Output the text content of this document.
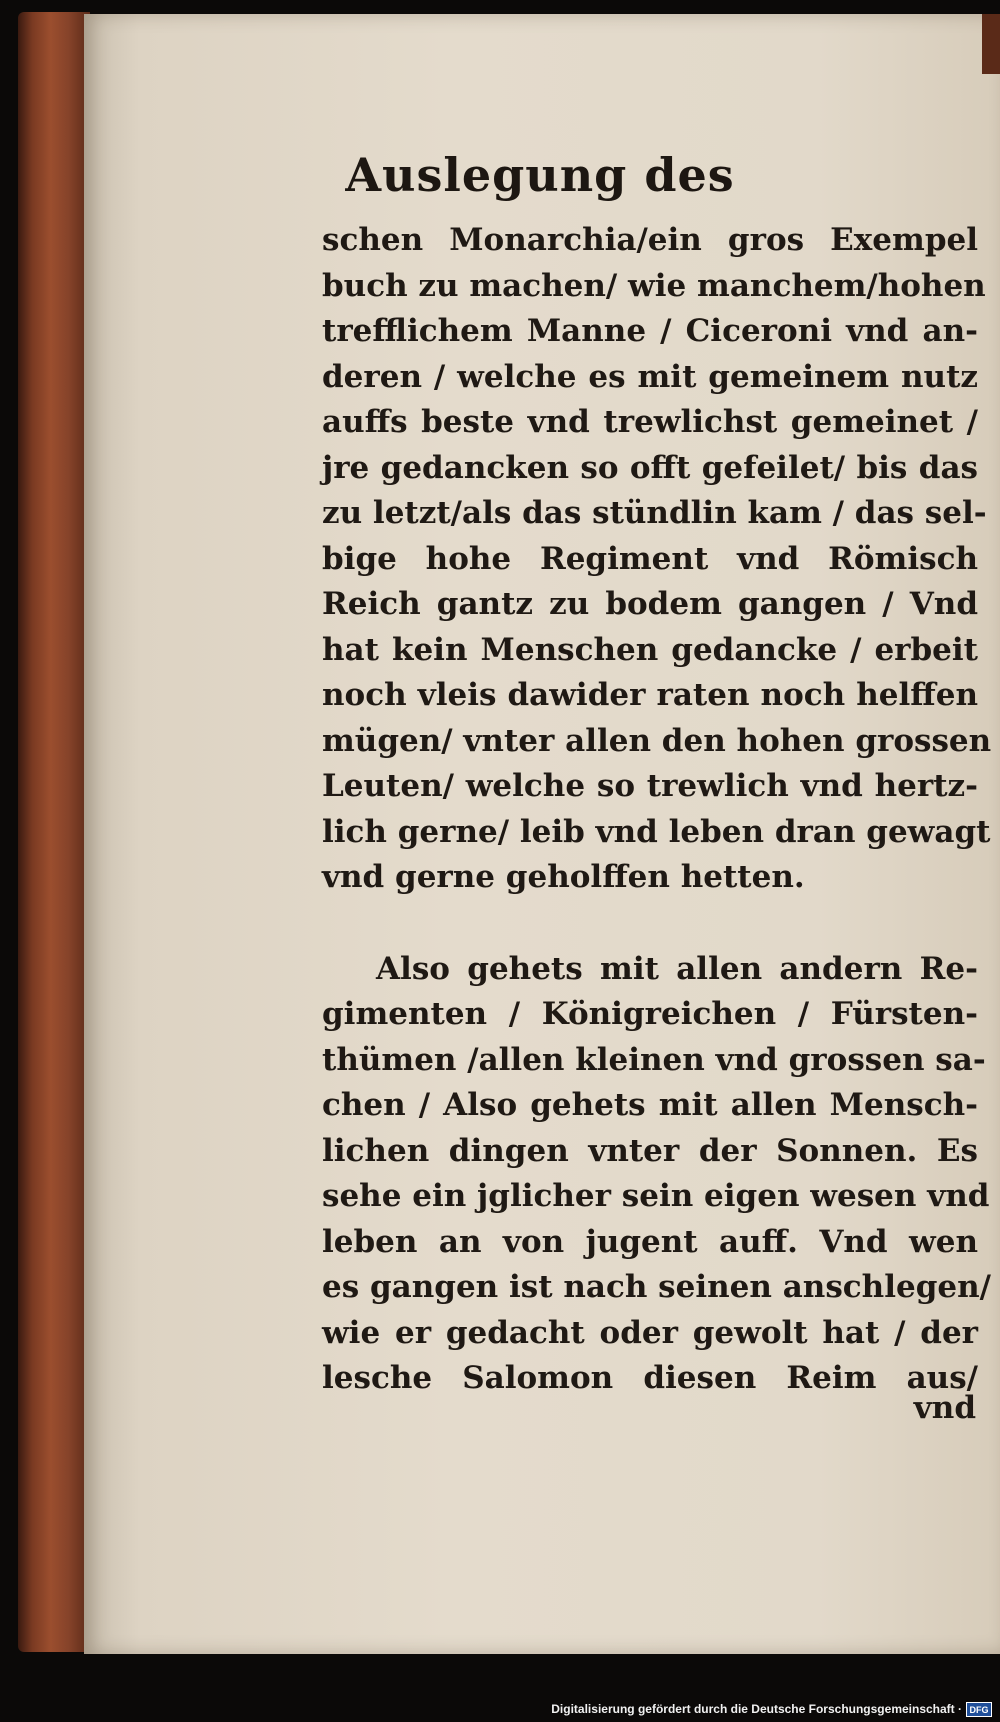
Auslegung des
schen Monarchia/ein gros Exempel
buch zu machen/ wie manchem/hohen
trefflichem Manne / Ciceroni vnd an-
deren / welche es mit gemeinem nutz
auffs beste vnd trewlichst gemeinet /
jre gedancken so offt gefeilet/ bis das
zu letzt/als das stündlin kam / das sel-
bige hohe Regiment vnd Römisch
Reich gantz zu bodem gangen / Vnd
hat kein Menschen gedancke / erbeit
noch vleis dawider raten noch helffen
mügen/ vnter allen den hohen grossen
Leuten/ welche so trewlich vnd hertz-
lich gerne/ leib vnd leben dran gewagt
vnd gerne geholffen hetten.
Also gehets mit allen andern Re-
gimenten / Königreichen / Fürsten-
thümen /allen kleinen vnd grossen sa-
chen / Also gehets mit allen Mensch-
lichen dingen vnter der Sonnen. Es
sehe ein jglicher sein eigen wesen vnd
leben an von jugent auff. Vnd wen
es gangen ist nach seinen anschlegen/
wie er gedacht oder gewolt hat / der
lesche Salomon diesen Reim aus/
vnd
Digitalisierung gefördert durch die Deutsche Forschungsgemeinschaft · DFG
